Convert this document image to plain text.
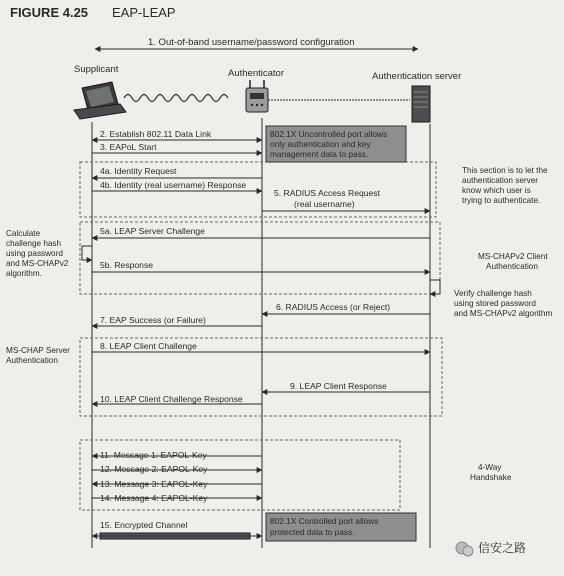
FIGURE 4.25 EAP-LEAP
1. Out-of-band username/password configuration
Supplicant	Authenticator	Authentication server
802.1X Uncontrolled port allows
only authentication and key
management data to pass.
802.1X Controlled port allows
protected data to pass.
2. Establish 802.11 Data Link
3. EAPoL Start
4a. Identity Request
4b. Identity (real username) Response
5. RADIUS Access Request
(real username)
5a. LEAP Server Challenge
5b. Response
6. RADIUS Access (or Reject)
7. EAP Success (or Failure)
8. LEAP Client Challenge
9. LEAP Client Response
10. LEAP Client Challenge Response
11. Message 1: EAPOL-Key
12. Message 2: EAPOL-Key
13. Message 3: EAPOL-Key
14. Message 4: EAPOL-Key
15. Encrypted Channel
This section is to let the
authentication server
know which user is
trying to authenticate.
Calculate
challenge hash
using password
and MS-CHAPv2
algorithm.
MS-CHAPv2 Client
Authentication
Verify challenge hash
using stored password
and MS-CHAPv2 algorithm
MS-CHAP Server
Authentication
4-Way
Handshake
信安之路
